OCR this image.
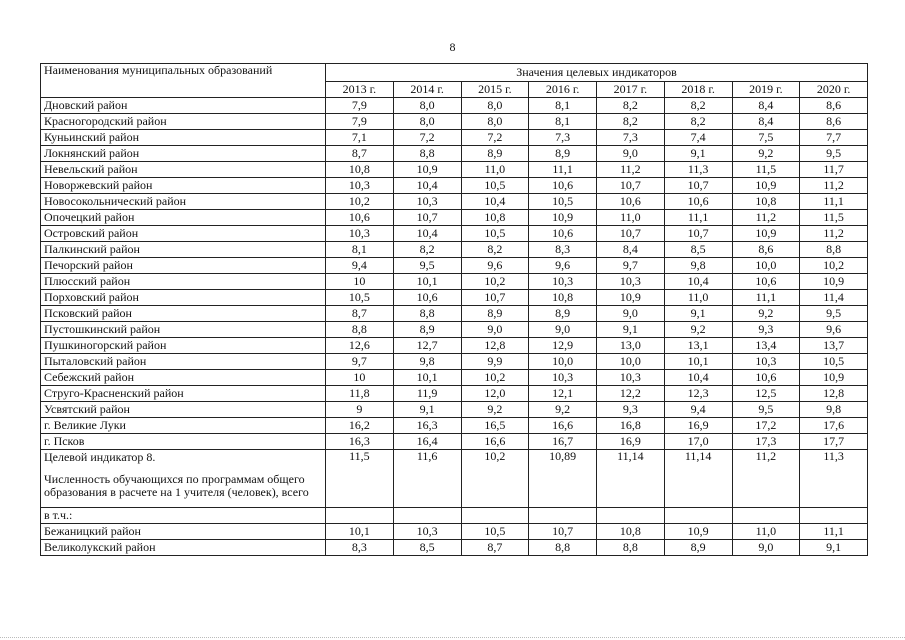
8
Наименования муниципальных образований	Значения целевых индикаторов							
	2013 г.	2014 г.	2015 г.	2016 г.	2017 г.	2018 г.	2019 г.	2020 г.
Дновский район	7,9	8,0	8,0	8,1	8,2	8,2	8,4	8,6
Красногородский район	7,9	8,0	8,0	8,1	8,2	8,2	8,4	8,6
Куньинский район	7,1	7,2	7,2	7,3	7,3	7,4	7,5	7,7
Локнянский район	8,7	8,8	8,9	8,9	9,0	9,1	9,2	9,5
Невельский район	10,8	10,9	11,0	11,1	11,2	11,3	11,5	11,7
Новоржевский район	10,3	10,4	10,5	10,6	10,7	10,7	10,9	11,2
Новосокольнический район	10,2	10,3	10,4	10,5	10,6	10,6	10,8	11,1
Опочецкий район	10,6	10,7	10,8	10,9	11,0	11,1	11,2	11,5
Островский район	10,3	10,4	10,5	10,6	10,7	10,7	10,9	11,2
Палкинский район	8,1	8,2	8,2	8,3	8,4	8,5	8,6	8,8
Печорский район	9,4	9,5	9,6	9,6	9,7	9,8	10,0	10,2
Плюсский район	10	10,1	10,2	10,3	10,3	10,4	10,6	10,9
Порховский район	10,5	10,6	10,7	10,8	10,9	11,0	11,1	11,4
Псковский район	8,7	8,8	8,9	8,9	9,0	9,1	9,2	9,5
Пустошкинский район	8,8	8,9	9,0	9,0	9,1	9,2	9,3	9,6
Пушкиногорский район	12,6	12,7	12,8	12,9	13,0	13,1	13,4	13,7
Пыталовский район	9,7	9,8	9,9	10,0	10,0	10,1	10,3	10,5
Себежский район	10	10,1	10,2	10,3	10,3	10,4	10,6	10,9
Струго-Красненский район	11,8	11,9	12,0	12,1	12,2	12,3	12,5	12,8
Усвятский район	9	9,1	9,2	9,2	9,3	9,4	9,5	9,8
г. Великие Луки	16,2	16,3	16,5	16,6	16,8	16,9	17,2	17,6
г. Псков	16,3	16,4	16,6	16,7	16,9	17,0	17,3	17,7

Целевой индикатор 8.
Численность обучающихся по программам общего образования в расчете на 1 учителя (человек), всего	11,5	11,6	10,2	10,89	11,14	11,14	11,2	11,3
в т.ч.:								
Бежаницкий район	10,1	10,3	10,5	10,7	10,8	10,9	11,0	11,1
Великолукский район	8,3	8,5	8,7	8,8	8,8	8,9	9,0	9,1
